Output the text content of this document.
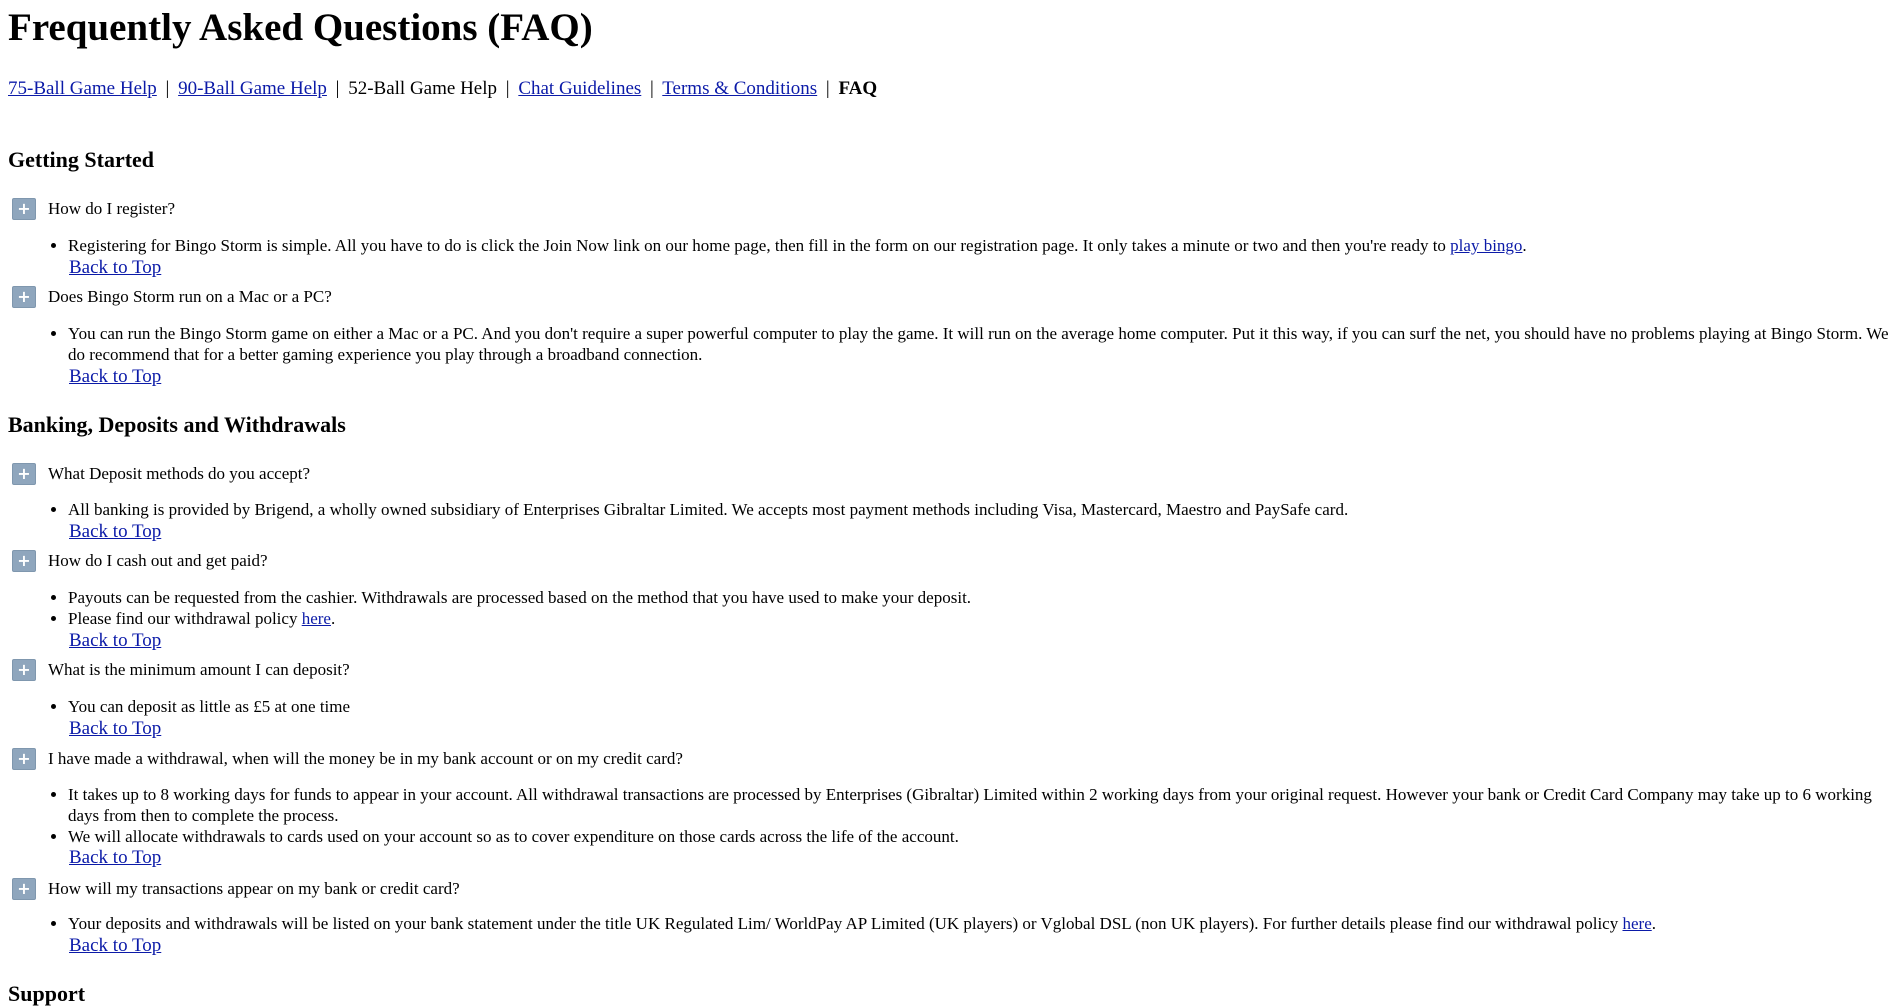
Frequently Asked Questions (FAQ)
75-Ball Game Help | 90-Ball Game Help | 52-Ball Game Help | Chat Guidelines | Terms & Conditions | FAQ
Getting Started
+	How do I register?
• Registering for Bingo Storm is simple. All you have to do is click the Join Now link on our home page, then fill in the form on our registration page. It only takes a minute or two and then you're ready to play bingo.
Back to Top
+	Does Bingo Storm run on a Mac or a PC?
• You can run the Bingo Storm game on either a Mac or a PC. And you don't require a super powerful computer to play the game. It will run on the average home computer. Put it this way, if you can surf the net, you should have no problems playing at Bingo Storm. We do recommend that for a better gaming experience you play through a broadband connection.
Back to Top
Banking, Deposits and Withdrawals
+	What Deposit methods do you accept?
• All banking is provided by Brigend, a wholly owned subsidiary of Enterprises Gibraltar Limited. We accepts most payment methods including Visa, Mastercard, Maestro and PaySafe card.
Back to Top
+	How do I cash out and get paid?
• Payouts can be requested from the cashier. Withdrawals are processed based on the method that you have used to make your deposit.
• Please find our withdrawal policy here.
Back to Top
+	What is the minimum amount I can deposit?
• You can deposit as little as £5 at one time
Back to Top
+	I have made a withdrawal, when will the money be in my bank account or on my credit card?
• It takes up to 8 working days for funds to appear in your account. All withdrawal transactions are processed by Enterprises (Gibraltar) Limited within 2 working days from your original request. However your bank or Credit Card Company may take up to 6 working days from then to complete the process.
• We will allocate withdrawals to cards used on your account so as to cover expenditure on those cards across the life of the account.
Back to Top
+	How will my transactions appear on my bank or credit card?
• Your deposits and withdrawals will be listed on your bank statement under the title UK Regulated Lim/ WorldPay AP Limited (UK players) or Vglobal DSL (non UK players). For further details please find our withdrawal policy here.
Back to Top
Support
